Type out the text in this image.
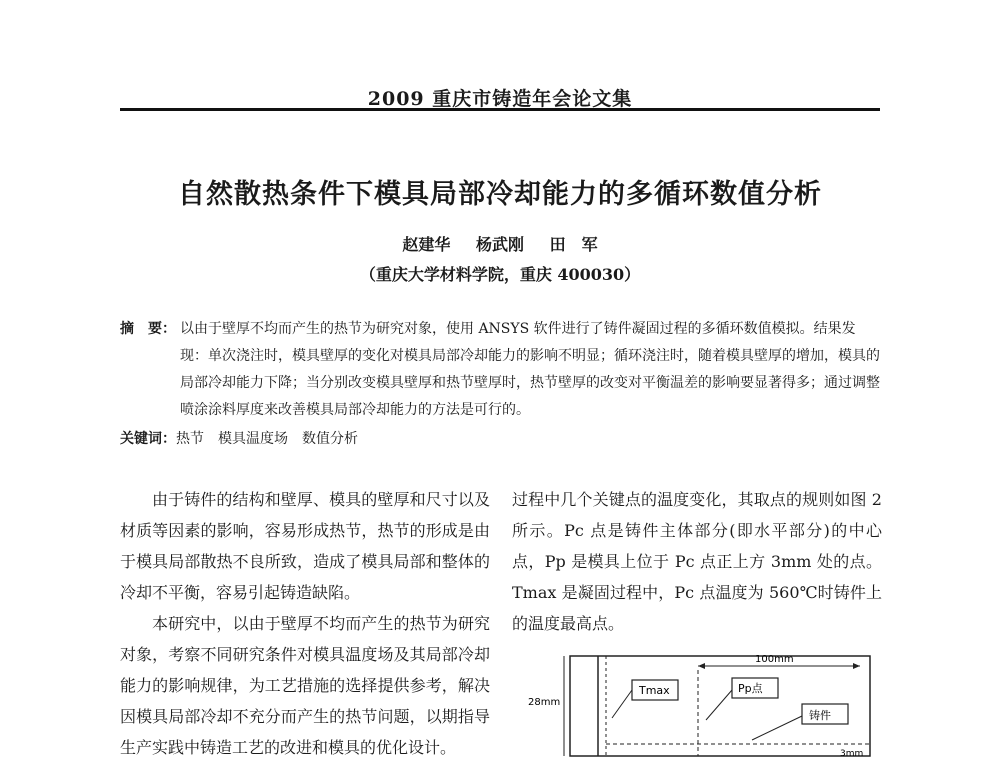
2009 重庆市铸造年会论文集
自然散热条件下模具局部冷却能力的多循环数值分析
赵建华 杨武刚 田　军
（重庆大学材料学院，重庆 400030）
摘　要： 以由于壁厚不均而产生的热节为研究对象，使用 ANSYS 软件进行了铸件凝固过程的多循环数值模拟。结果发现：单次浇注时，模具壁厚的变化对模具局部冷却能力的影响不明显；循环浇注时，随着模具壁厚的增加，模具的局部冷却能力下降；当分别改变模具壁厚和热节壁厚时，热节壁厚的改变对平衡温差的影响要显著得多；通过调整喷涂涂料厚度来改善模具局部冷却能力的方法是可行的。
关键词：热节 模具温度场 数值分析

由于铸件的结构和壁厚、模具的壁厚和尺寸以及材质等因素的影响，容易形成热节，热节的形成是由于模具局部散热不良所致，造成了模具局部和整体的冷却不平衡，容易引起铸造缺陷。

本研究中，以由于壁厚不均而产生的热节为研究对象，考察不同研究条件对模具温度场及其局部冷却能力的影响规律，为工艺措施的选择提供参考，解决因模具局部冷却不充分而产生的热节问题，以期指导生产实践中铸造工艺的改进和模具的优化设计。

过程中几个关键点的温度变化，其取点的规则如图 2 所示。Pc 点是铸件主体部分(即水平部分)的中心点，Pp 是模具上位于 Pc 点正上方 3mm 处的点。Tmax 是凝固过程中，Pc 点温度为 560℃时铸件上的温度最高点。

100mm
28mm
Tmax	Pp点
铸件
3mm
